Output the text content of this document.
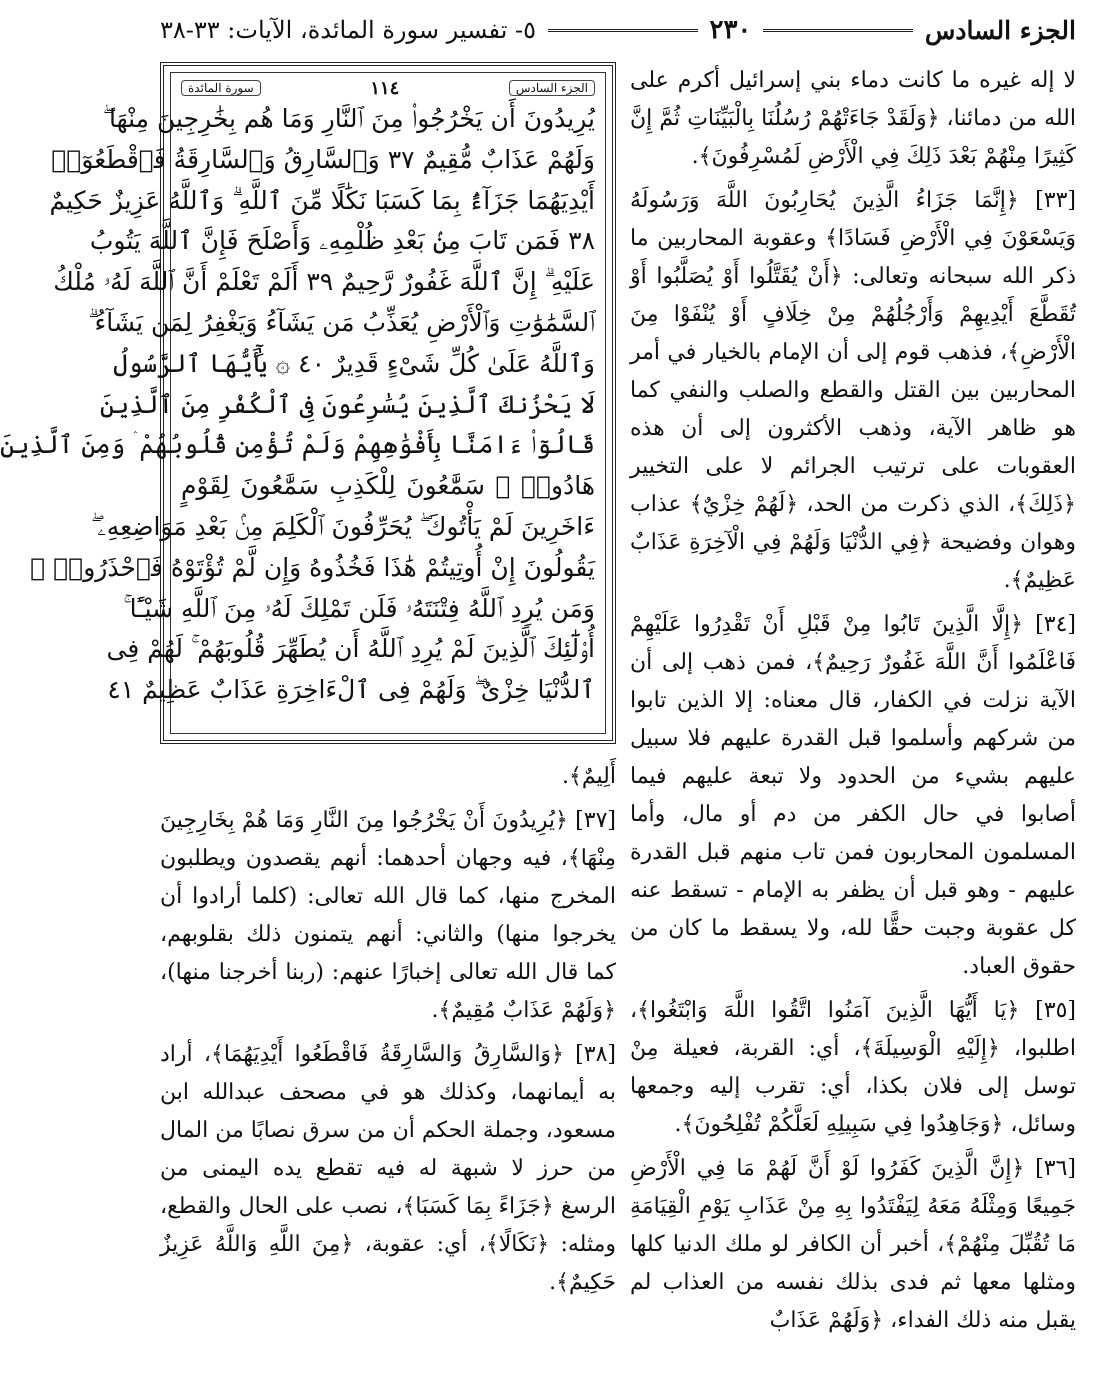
الجزء السادس
٢٣٠
٥- تفسير سورة المائدة، الآيات: ٣٣-٣٨

لا إله غيره ما كانت دماء بني إسرائيل أكرم على الله من دمائنا، ﴿وَلَقَدْ جَاءَتْهُمْ رُسُلُنَا بِالْبَيِّنَاتِ ثُمَّ إِنَّ كَثِيرًا مِنْهُمْ بَعْدَ ذَلِكَ فِي الْأَرْضِ لَمُسْرِفُونَ﴾.

[٣٣] ﴿إِنَّمَا جَزَاءُ الَّذِينَ يُحَارِبُونَ اللَّهَ وَرَسُولَهُ وَيَسْعَوْنَ فِي الْأَرْضِ فَسَادًا﴾ وعقوبة المحاربين ما ذكر الله سبحانه وتعالى: ﴿أَنْ يُقَتَّلُوا أَوْ يُصَلَّبُوا أَوْ تُقَطَّعَ أَيْدِيهِمْ وَأَرْجُلُهُمْ مِنْ خِلَافٍ أَوْ يُنْفَوْا مِنَ الْأَرْضِ﴾، فذهب قوم إلى أن الإمام بالخيار في أمر المحاربين بين القتل والقطع والصلب والنفي كما هو ظاهر الآية، وذهب الأكثرون إلى أن هذه العقوبات على ترتيب الجرائم لا على التخيير ﴿ذَلِكَ﴾، الذي ذكرت من الحد، ﴿لَهُمْ خِزْيٌ﴾ عذاب وهوان وفضيحة ﴿فِي الدُّنْيَا وَلَهُمْ فِي الْآخِرَةِ عَذَابٌ عَظِيمٌ﴾.

[٣٤] ﴿إِلَّا الَّذِينَ تَابُوا مِنْ قَبْلِ أَنْ تَقْدِرُوا عَلَيْهِمْ فَاعْلَمُوا أَنَّ اللَّهَ غَفُورٌ رَحِيمٌ﴾، فمن ذهب إلى أن الآية نزلت في الكفار، قال معناه: إلا الذين تابوا من شركهم وأسلموا قبل القدرة عليهم فلا سبيل عليهم بشيء من الحدود ولا تبعة عليهم فيما أصابوا في حال الكفر من دم أو مال، وأما المسلمون المحاربون فمن تاب منهم قبل القدرة عليهم - وهو قبل أن يظفر به الإمام - تسقط عنه كل عقوبة وجبت حقًّا لله، ولا يسقط ما كان من حقوق العباد.

[٣٥] ﴿يَا أَيُّهَا الَّذِينَ آمَنُوا اتَّقُوا اللَّهَ وَابْتَغُوا﴾، اطلبوا، ﴿إِلَيْهِ الْوَسِيلَةَ﴾، أي: القربة، فعيلة مِنْ توسل إلى فلان بكذا، أي: تقرب إليه وجمعها وسائل، ﴿وَجَاهِدُوا فِي سَبِيلِهِ لَعَلَّكُمْ تُفْلِحُونَ﴾.

[٣٦] ﴿إِنَّ الَّذِينَ كَفَرُوا لَوْ أَنَّ لَهُمْ مَا فِي الْأَرْضِ جَمِيعًا وَمِثْلَهُ مَعَهُ لِيَفْتَدُوا بِهِ مِنْ عَذَابِ يَوْمِ الْقِيَامَةِ مَا تُقُبِّلَ مِنْهُمْ﴾، أخبر أن الكافر لو ملك الدنيا كلها ومثلها معها ثم فدى بذلك نفسه من العذاب لم يقبل منه ذلك الفداء، ﴿وَلَهُمْ عَذَابٌ

الجزء السادس
١١٤
سورة المائدة
يُرِيدُونَ أَن يَخْرُجُوا۟ مِنَ ٱلنَّارِ وَمَا هُم بِخَٰرِجِينَ مِنْهَا ۖ
وَلَهُمْ عَذَابٌ مُّقِيمٌ ٣٧ وَٱلسَّارِقُ وَٱلسَّارِقَةُ فَٱقْطَعُوٓا۟
أَيْدِيَهُمَا جَزَآءًۢ بِمَا كَسَبَا نَكَٰلًا مِّنَ ٱللَّهِ ۗ وَٱللَّهُ عَزِيزٌ حَكِيمٌ
٣٨ فَمَن تَابَ مِنۢ بَعْدِ ظُلْمِهِۦ وَأَصْلَحَ فَإِنَّ ٱللَّهَ يَتُوبُ
عَلَيْهِ ۗ إِنَّ ٱللَّهَ غَفُورٌ رَّحِيمٌ ٣٩ أَلَمْ تَعْلَمْ أَنَّ ٱللَّهَ لَهُۥ مُلْكُ
ٱلسَّمَٰوَٰتِ وَٱلْأَرْضِ يُعَذِّبُ مَن يَشَآءُ وَيَغْفِرُ لِمَن يَشَآءُ ۗ
وَٱللَّهُ عَلَىٰ كُلِّ شَىْءٍ قَدِيرٌ ٤٠ ۞ يَٰٓأَيُّهَا ٱلرَّسُولُ
لَا يَحْزُنكَ ٱلَّذِينَ يُسَٰرِعُونَ فِى ٱلْكُفْرِ مِنَ ٱلَّذِينَ
قَالُوٓا۟ ءَامَنَّا بِأَفْوَٰهِهِمْ وَلَمْ تُؤْمِن قُلُوبُهُمْ ۛ وَمِنَ ٱلَّذِينَ
هَادُوا۟ ۛ سَمَّٰعُونَ لِلْكَذِبِ سَمَّٰعُونَ لِقَوْمٍ
ءَاخَرِينَ لَمْ يَأْتُوكَ ۖ يُحَرِّفُونَ ٱلْكَلِمَ مِنۢ بَعْدِ مَوَاضِعِهِۦ ۖ
يَقُولُونَ إِنْ أُوتِيتُمْ هَٰذَا فَخُذُوهُ وَإِن لَّمْ تُؤْتَوْهُ فَٱحْذَرُوا۟ ۚ
وَمَن يُرِدِ ٱللَّهُ فِتْنَتَهُۥ فَلَن تَمْلِكَ لَهُۥ مِنَ ٱللَّهِ شَيْـًٔا ۚ
أُو۟لَٰٓئِكَ ٱلَّذِينَ لَمْ يُرِدِ ٱللَّهُ أَن يُطَهِّرَ قُلُوبَهُمْ ۚ لَهُمْ فِى
ٱلدُّنْيَا خِزْىٌ ۖ وَلَهُمْ فِى ٱلْءَاخِرَةِ عَذَابٌ عَظِيمٌ ٤١

أَلِيمٌ﴾.

[٣٧] ﴿يُرِيدُونَ أَنْ يَخْرُجُوا مِنَ النَّارِ وَمَا هُمْ بِخَارِجِينَ مِنْهَا﴾، فيه وجهان أحدهما: أنهم يقصدون ويطلبون المخرج منها، كما قال الله تعالى: (كلما أرادوا أن يخرجوا منها) والثاني: أنهم يتمنون ذلك بقلوبهم، كما قال الله تعالى إخبارًا عنهم: (ربنا أخرجنا منها)، ﴿وَلَهُمْ عَذَابٌ مُقِيمٌ﴾.

[٣٨] ﴿وَالسَّارِقُ وَالسَّارِقَةُ فَاقْطَعُوا أَيْدِيَهُمَا﴾، أراد به أيمانهما، وكذلك هو في مصحف عبدالله ابن مسعود، وجملة الحكم أن من سرق نصابًا من المال من حرز لا شبهة له فيه تقطع يده اليمنى من الرسغ ﴿جَزَاءً بِمَا كَسَبَا﴾، نصب على الحال والقطع، ومثله: ﴿نَكَالًا﴾، أي: عقوبة، ﴿مِنَ اللَّهِ وَاللَّهُ عَزِيزٌ حَكِيمٌ﴾.
